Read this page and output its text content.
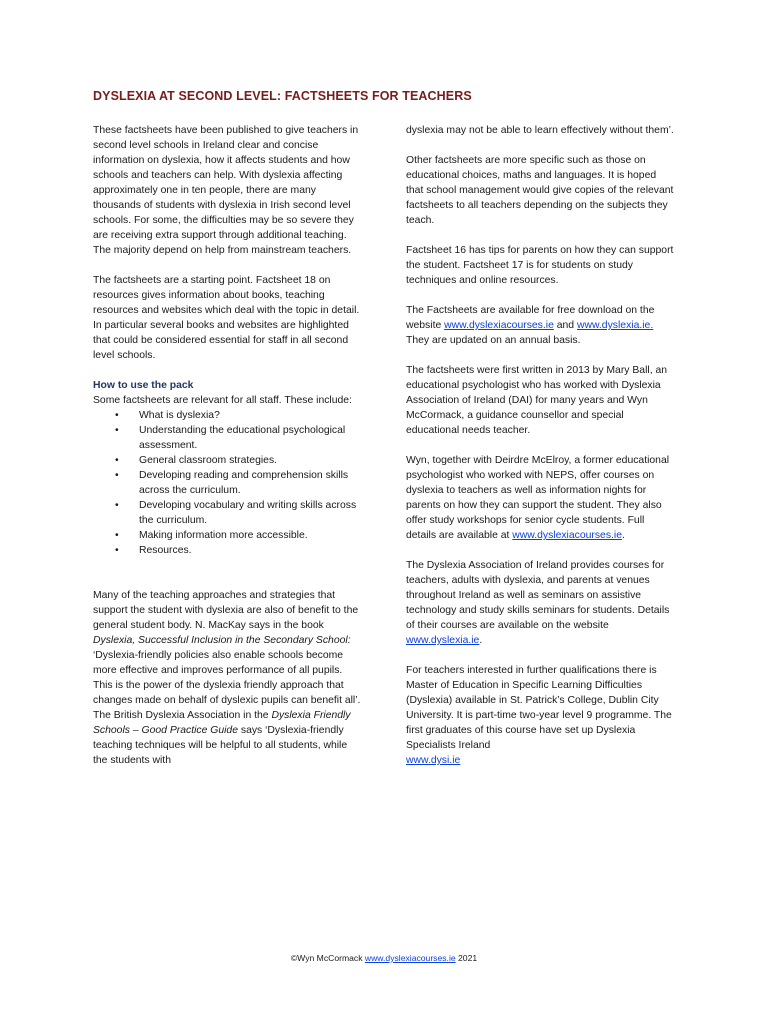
DYSLEXIA AT SECOND LEVEL: FACTSHEETS FOR TEACHERS

These factsheets have been published to give teachers in second level schools in Ireland clear and concise information on dyslexia, how it affects students and how schools and teachers can help. With dyslexia affecting approximately one in ten people, there are many thousands of students with dyslexia in Irish second level schools. For some, the difficulties may be so severe they are receiving extra support through additional teaching. The majority depend on help from mainstream teachers.

The factsheets are a starting point. Factsheet 18 on resources gives information about books, teaching resources and websites which deal with the topic in detail. In particular several books and websites are highlighted that could be considered essential for staff in all second level schools.

How to use the pack

Some factsheets are relevant for all staff. These include:

• What is dyslexia?
• Understanding the educational psychological assessment.
• General classroom strategies.
• Developing reading and comprehension skills across the curriculum.
• Developing vocabulary and writing skills across the curriculum.
• Making information more accessible.
• Resources.

Many of the teaching approaches and strategies that support the student with dyslexia are also of benefit to the general student body. N. MacKay says in the book Dyslexia, Successful Inclusion in the Secondary School: ‘Dyslexia-friendly policies also enable schools become more effective and improves performance of all pupils. This is the power of the dyslexia friendly approach that changes made on behalf of dyslexic pupils can benefit all’. The British Dyslexia Association in the Dyslexia Friendly Schools – Good Practice Guide says ‘Dyslexia-friendly teaching techniques will be helpful to all students, while the students with

dyslexia may not be able to learn effectively without them’.

Other factsheets are more specific such as those on educational choices, maths and languages. It is hoped that school management would give copies of the relevant factsheets to all teachers depending on the subjects they teach.

Factsheet 16 has tips for parents on how they can support the student. Factsheet 17 is for students on study techniques and online resources.

The Factsheets are available for free download on the website www.dyslexiacourses.ie and www.dyslexia.ie. They are updated on an annual basis.

The factsheets were first written in 2013 by Mary Ball, an educational psychologist who has worked with Dyslexia Association of Ireland (DAI) for many years and Wyn McCormack, a guidance counsellor and special educational needs teacher.

Wyn, together with Deirdre McElroy, a former educational psychologist who worked with NEPS, offer courses on dyslexia to teachers as well as information nights for parents on how they can support the student. They also offer study workshops for senior cycle students. Full details are available at www.dyslexiacourses.ie.

The Dyslexia Association of Ireland provides courses for teachers, adults with dyslexia, and parents at venues throughout Ireland as well as seminars on assistive technology and study skills seminars for students. Details of their courses are available on the website www.dyslexia.ie.

For teachers interested in further qualifications there is Master of Education in Specific Learning Difficulties (Dyslexia) available in St. Patrick’s College, Dublin City University. It is part-time two-year level 9 programme. The first graduates of this course have set up Dyslexia Specialists Ireland

www.dysi.ie
©Wyn McCormack www.dyslexiacourses.ie 2021
